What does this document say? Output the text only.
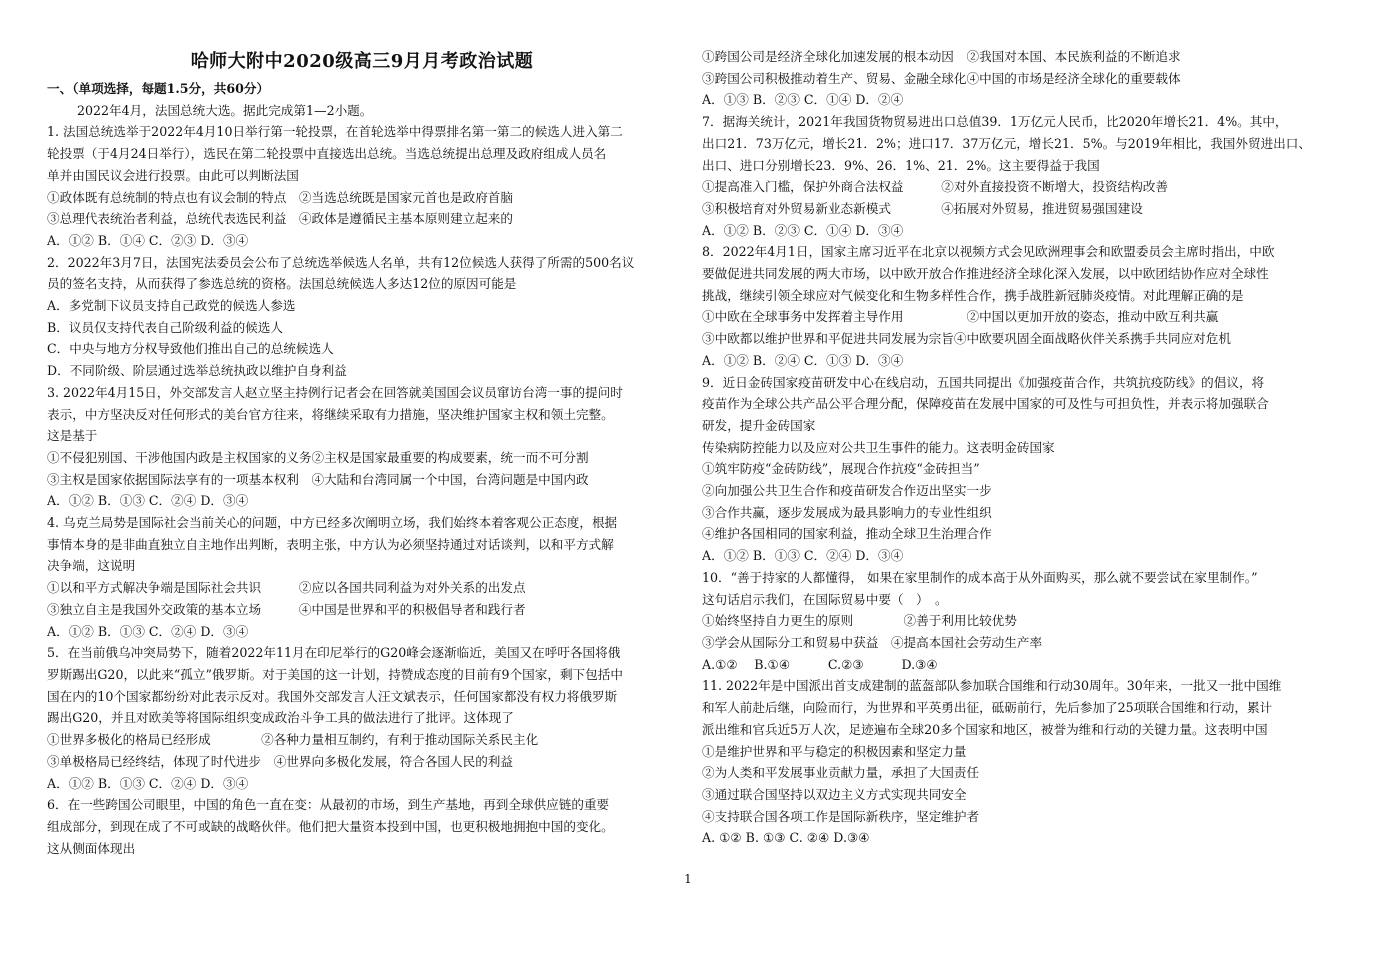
哈师大附中2020级高三9月月考政治试题
一、（单项选择，每题1.5分，共60分）
2022年4月，法国总统大选。据此完成第1—2小题。
1. 法国总统选举于2022年4月10日举行第一轮投票，在首轮选举中得票排名第一第二的候选人进入第二
轮投票（于4月24日举行），选民在第二轮投票中直接选出总统。当选总统提出总理及政府组成人员名
单并由国民议会进行投票。由此可以判断法国
①政体既有总统制的特点也有议会制的特点　②当选总统既是国家元首也是政府首脑
③总理代表统治者利益，总统代表选民利益　④政体是遵循民主基本原则建立起来的
A．①② B．①④ C．②③ D．③④
2．2022年3月7日，法国宪法委员会公布了总统选举候选人名单，共有12位候选人获得了所需的500名议
员的签名支持，从而获得了参选总统的资格。法国总统候选人多达12位的原因可能是
A．多党制下议员支持自己政党的候选人参选
B．议员仅支持代表自己阶级利益的候选人
C．中央与地方分权导致他们推出自己的总统候选人
D．不同阶级、阶层通过选举总统执政以维护自身利益
3. 2022年4月15日，外交部发言人赵立坚主持例行记者会在回答就美国国会议员窜访台湾一事的提问时
表示，中方坚决反对任何形式的美台官方往来，将继续采取有力措施，坚决维护国家主权和领土完整。
这是基于
①不侵犯别国、干涉他国内政是主权国家的义务②主权是国家最重要的构成要素，统一而不可分割
③主权是国家依据国际法享有的一项基本权利　④大陆和台湾同属一个中国，台湾问题是中国内政
A．①② B．①③ C．②④ D．③④
4. 乌克兰局势是国际社会当前关心的问题，中方已经多次阐明立场，我们始终本着客观公正态度，根据
事情本身的是非曲直独立自主地作出判断，表明主张，中方认为必须坚持通过对话谈判，以和平方式解
决争端，这说明
①以和平方式解决争端是国际社会共识　　　②应以各国共同利益为对外关系的出发点
③独立自主是我国外交政策的基本立场　　　④中国是世界和平的积极倡导者和践行者
A．①② B．①③ C．②④ D．③④
5．在当前俄乌冲突局势下，随着2022年11月在印尼举行的G20峰会逐渐临近，美国又在呼吁各国将俄
罗斯踢出G20，以此来“孤立”俄罗斯。对于美国的这一计划，持赞成态度的目前有9个国家，剩下包括中
国在内的10个国家都纷纷对此表示反对。我国外交部发言人汪文斌表示，任何国家都没有权力将俄罗斯
踢出G20，并且对欧美等将国际组织变成政治斗争工具的做法进行了批评。这体现了
①世界多极化的格局已经形成　　　　②各种力量相互制约，有利于推动国际关系民主化
③单极格局已经终结，体现了时代进步　④世界向多极化发展，符合各国人民的利益
A．①② B．①③ C．②④ D．③④
6．在一些跨国公司眼里，中国的角色一直在变：从最初的市场，到生产基地，再到全球供应链的重要
组成部分，到现在成了不可或缺的战略伙伴。他们把大量资本投到中国，也更积极地拥抱中国的变化。
这从侧面体现出
①跨国公司是经济全球化加速发展的根本动因　②我国对本国、本民族利益的不断追求
③跨国公司积极推动着生产、贸易、金融全球化④中国的市场是经济全球化的重要载体
A．①③ B．②③ C．①④ D．②④
7．据海关统计，2021年我国货物贸易进出口总值39．1万亿元人民币，比2020年增长21．4%。其中，
出口21．73万亿元，增长21．2%；进口17．37万亿元，增长21．5%。与2019年相比，我国外贸进出口、
出口、进口分别增长23．9%、26．1%、21．2%。这主要得益于我国
①提高准入门槛，保护外商合法权益　　　②对外直接投资不断增大，投资结构改善
③积极培育对外贸易新业态新模式　　　　④拓展对外贸易，推进贸易强国建设
A．①② B．②③ C．①④ D．③④
8．2022年4月1日，国家主席习近平在北京以视频方式会见欧洲理事会和欧盟委员会主席时指出，中欧
要做促进共同发展的两大市场，以中欧开放合作推进经济全球化深入发展，以中欧团结协作应对全球性
挑战，继续引领全球应对气候变化和生物多样性合作，携手战胜新冠肺炎疫情。对此理解正确的是
①中欧在全球事务中发挥着主导作用　　　　　②中国以更加开放的姿态，推动中欧互利共赢
③中欧都以维护世界和平促进共同发展为宗旨④中欧要巩固全面战略伙伴关系携手共同应对危机
A．①② B．②④ C．①③ D．③④
9．近日金砖国家疫苗研发中心在线启动，五国共同提出《加强疫苗合作，共筑抗疫防线》的倡议，将
疫苗作为全球公共产品公平合理分配，保障疫苗在发展中国家的可及性与可担负性，并表示将加强联合
研发，提升金砖国家
传染病防控能力以及应对公共卫生事件的能力。这表明金砖国家
①筑牢防疫“金砖防线”，展现合作抗疫“金砖担当”
②向加强公共卫生合作和疫苗研发合作迈出坚实一步
③合作共赢，逐步发展成为最具影响力的专业性组织
④维护各国相同的国家利益，推动全球卫生治理合作
A．①② B．①③ C．②④ D．③④
10．“善于持家的人都懂得， 如果在家里制作的成本高于从外面购买，那么就不要尝试在家里制作。”
这句话启示我们，在国际贸易中要（　）　。
①始终坚持自力更生的原则　　　　②善于利用比较优势
③学会从国际分工和贸易中获益　④提高本国社会劳动生产率
A.①②　 B.①④　　　C.②③　　　D.③④
11. 2022年是中国派出首支成建制的蓝盔部队参加联合国维和行动30周年。30年来，一批又一批中国维
和军人前赴后继，向险而行，为世界和平英勇出征，砥砺前行，先后参加了25项联合国维和行动，累计
派出维和官兵近5万人次，足迹遍布全球20多个国家和地区，被誉为维和行动的关键力量。这表明中国
①是维护世界和平与稳定的积极因素和坚定力量
②为人类和平发展事业贡献力量，承担了大国责任
③通过联合国坚持以双边主义方式实现共同安全
④支持联合国各项工作是国际新秩序，坚定维护者
A. ①② B. ①③ C. ②④ D.③④
1
